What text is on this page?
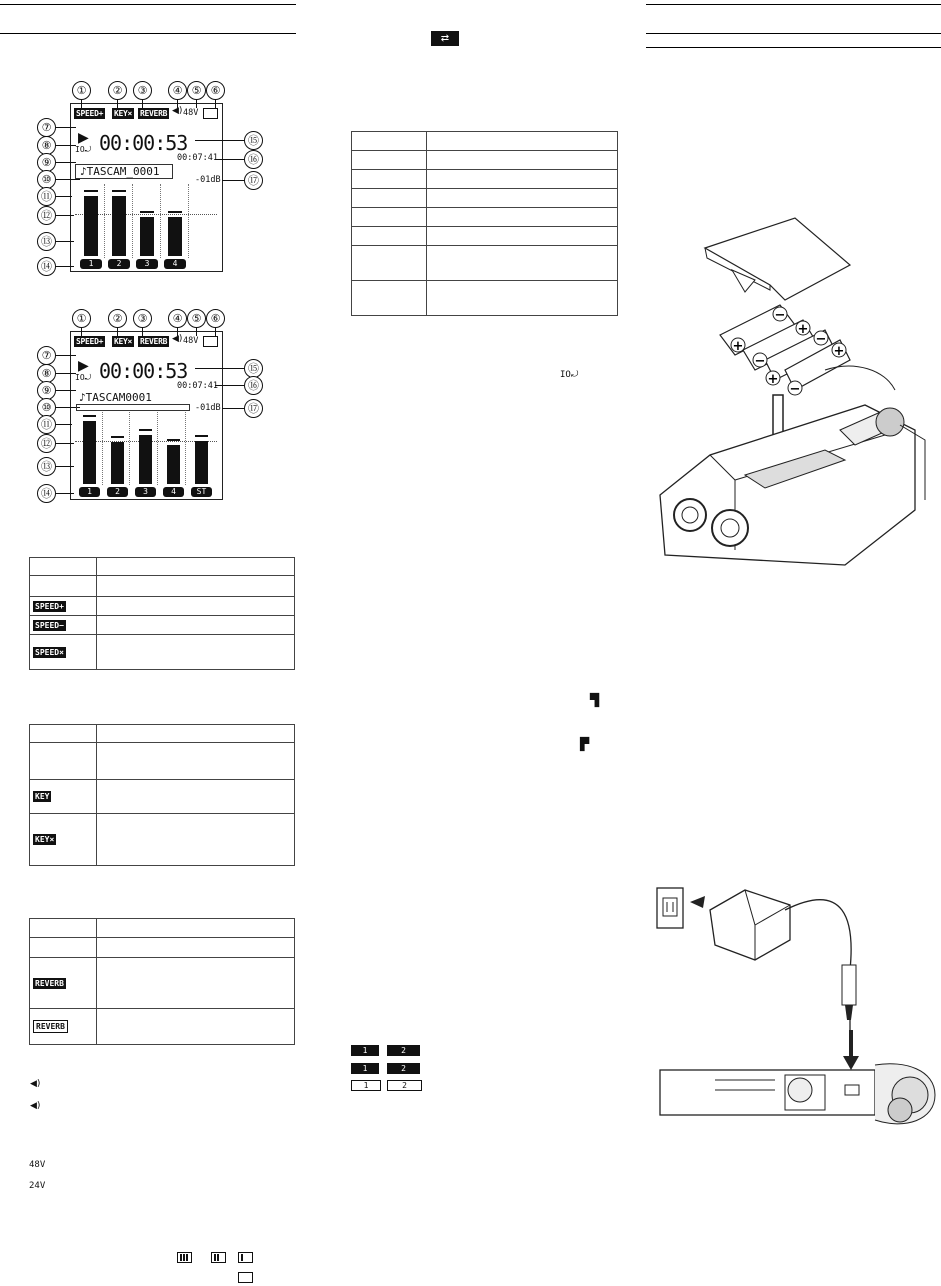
①	②	③	④ ⑤ ⑥
SPEED+ KEY× REVERB ◀) 48V
⑦
⑧
⑨
⑩
⑪
⑫
⑬
⑭
▶
IO⤾ 00:00:53
00:07:41
♪TASCAM_0001
-01dB
⑮
⑯
⑰
1	2	3	4
①	②	③	④ ⑤ ⑥
SPEED+ KEY× REVERB ◀) 48V
⑦
⑧
⑨
⑩
⑪
⑫
⑬
⑭
▶
IO⤾ 00:00:53
00:07:41
♪TASCAM0001
-01dB
⑮
⑯
⑰
1	2	3	4	ST

SPEED+	
SPEED−	
SPEED×	

KEY	
KEY×	

REVERB	
REVERB	
◀)
◀)
48V
24V
⇄

IO⤾
▜
▛
1	2
1	2
1	2
+
−
−
+
+
−
−
+
